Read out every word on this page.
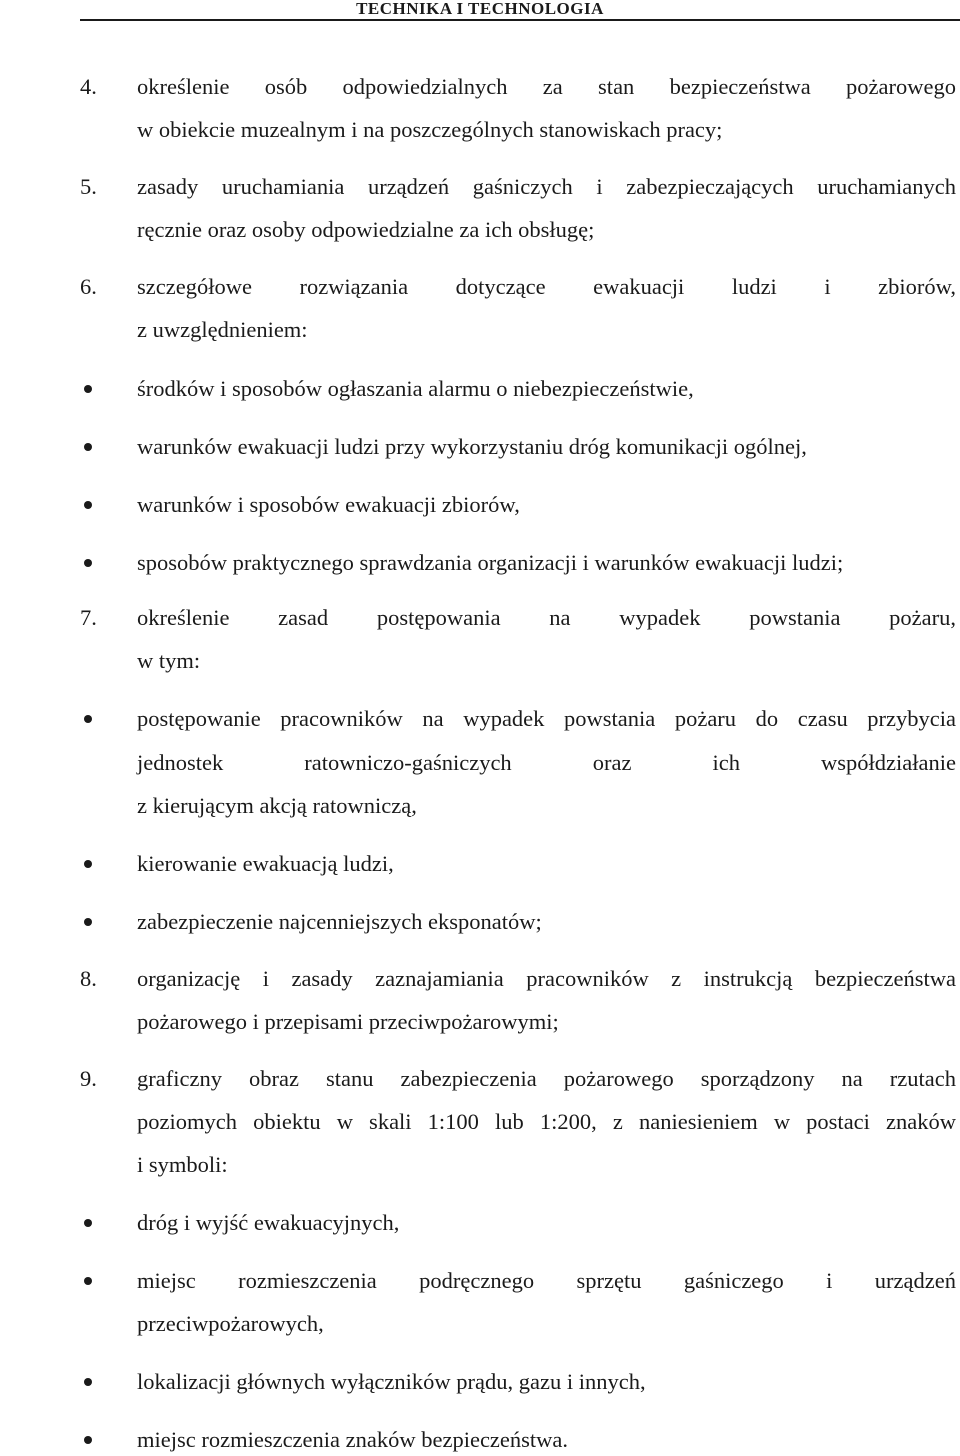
TECHNIKA I TECHNOLOGIA
4. określenie osób odpowiedzialnych za stan bezpieczeństwa pożarowego
w obiekcie muzealnym i na poszczególnych stanowiskach pracy;
5. zasady uruchamiania urządzeń gaśniczych i zabezpieczających uruchamianych
ręcznie oraz osoby odpowiedzialne za ich obsługę;
6. szczegółowe rozwiązania dotyczące ewakuacji ludzi i zbiorów,
z uwzględnieniem:
środków i sposobów ogłaszania alarmu o niebezpieczeństwie,
warunków ewakuacji ludzi przy wykorzystaniu dróg komunikacji ogólnej,
warunków i sposobów ewakuacji zbiorów,
sposobów praktycznego sprawdzania organizacji i warunków ewakuacji ludzi;
7. określenie zasad postępowania na wypadek powstania pożaru,
w tym:
postępowanie pracowników na wypadek powstania pożaru do czasu przybycia
jednostek ratowniczo-gaśniczych oraz ich współdziałanie
z kierującym akcją ratowniczą,
kierowanie ewakuacją ludzi,
zabezpieczenie najcenniejszych eksponatów;
8. organizację i zasady zaznajamiania pracowników z instrukcją bezpieczeństwa
pożarowego i przepisami przeciwpożarowymi;
9. graficzny obraz stanu zabezpieczenia pożarowego sporządzony na rzutach
poziomych obiektu w skali 1:100 lub 1:200, z naniesieniem w postaci znaków
i symboli:
dróg i wyjść ewakuacyjnych,
miejsc rozmieszczenia podręcznego sprzętu gaśniczego i urządzeń
przeciwpożarowych,
lokalizacji głównych wyłączników prądu, gazu i innych,
miejsc rozmieszczenia znaków bezpieczeństwa.
